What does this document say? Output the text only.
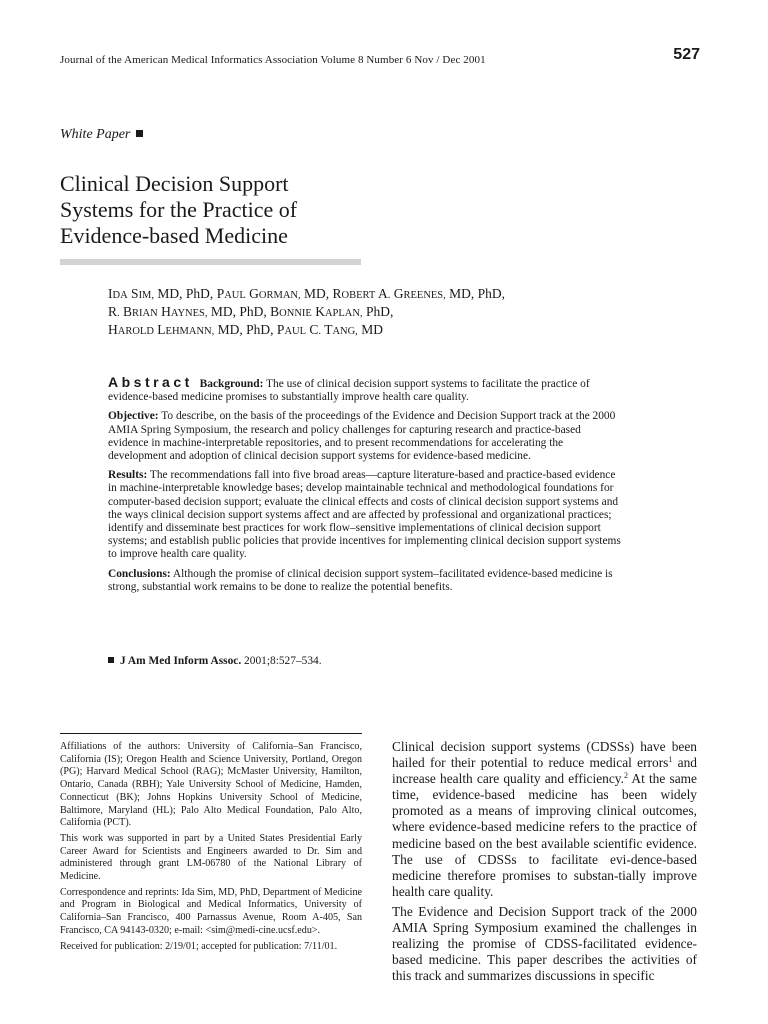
Journal of the American Medical Informatics Association Volume 8 Number 6 Nov / Dec 2001	527
White Paper
Clinical Decision Support
Systems for the Practice of
Evidence-based Medicine
IDA SIM, MD, PhD, PAUL GORMAN, MD, ROBERT A. GREENES, MD, PhD,
R. BRIAN HAYNES, MD, PhD, BONNIE KAPLAN, PhD,
HAROLD LEHMANN, MD, PhD, PAUL C. TANG, MD

Abstract Background: The use of clinical decision support systems to facilitate the practice of evidence-based medicine promises to substantially improve health care quality.

Objective: To describe, on the basis of the proceedings of the Evidence and Decision Support track at the 2000 AMIA Spring Symposium, the research and policy challenges for capturing research and practice-based evidence in machine-interpretable repositories, and to present recommendations for accelerating the development and adoption of clinical decision support systems for evidence-based medicine.

Results: The recommendations fall into five broad areas—capture literature-based and practice-based evidence in machine-interpretable knowledge bases; develop maintainable technical and methodological foundations for computer-based decision support; evaluate the clinical effects and costs of clinical decision support systems and the ways clinical decision support systems affect and are affected by professional and organizational practices; identify and disseminate best practices for work flow–sensitive implementations of clinical decision support systems; and establish public policies that provide incentives for implementing clinical decision support systems to improve health care quality.

Conclusions: Although the promise of clinical decision support system–facilitated evidence-based medicine is strong, substantial work remains to be done to realize the potential benefits.

J Am Med Inform Assoc. 2001;8:527–534.

Affiliations of the authors: University of California–San Francisco, California (IS); Oregon Health and Science University, Portland, Oregon (PG); Harvard Medical School (RAG); McMaster University, Hamilton, Ontario, Canada (RBH); Yale University School of Medicine, Hamden, Connecticut (BK); Johns Hopkins University School of Medicine, Baltimore, Maryland (HL); Palo Alto Medical Foundation, Palo Alto, California (PCT).

This work was supported in part by a United States Presidential Early Career Award for Scientists and Engineers awarded to Dr. Sim and administered through grant LM-06780 of the National Library of Medicine.

Correspondence and reprints: Ida Sim, MD, PhD, Department of Medicine and Program in Biological and Medical Informatics, University of California–San Francisco, 400 Parnassus Avenue, Room A-405, San Francisco, CA 94143-0320; e-mail: <sim@medi-cine.ucsf.edu>.

Received for publication: 2/19/01; accepted for publication: 7/11/01.

Clinical decision support systems (CDSSs) have been hailed for their potential to reduce medical errors$^1$ and increase health care quality and efficiency.$^2$ At the same time, evidence-based medicine has been widely promoted as a means of improving clinical outcomes, where evidence-based medicine refers to the practice of medicine based on the best available scientific evidence. The use of CDSSs to facilitate evi-dence-based medicine therefore promises to substan-tially improve health care quality.

The Evidence and Decision Support track of the 2000 AMIA Spring Symposium examined the challenges in realizing the promise of CDSS-facilitated evidence-based medicine. This paper describes the activities of this track and summarizes discussions in specific
